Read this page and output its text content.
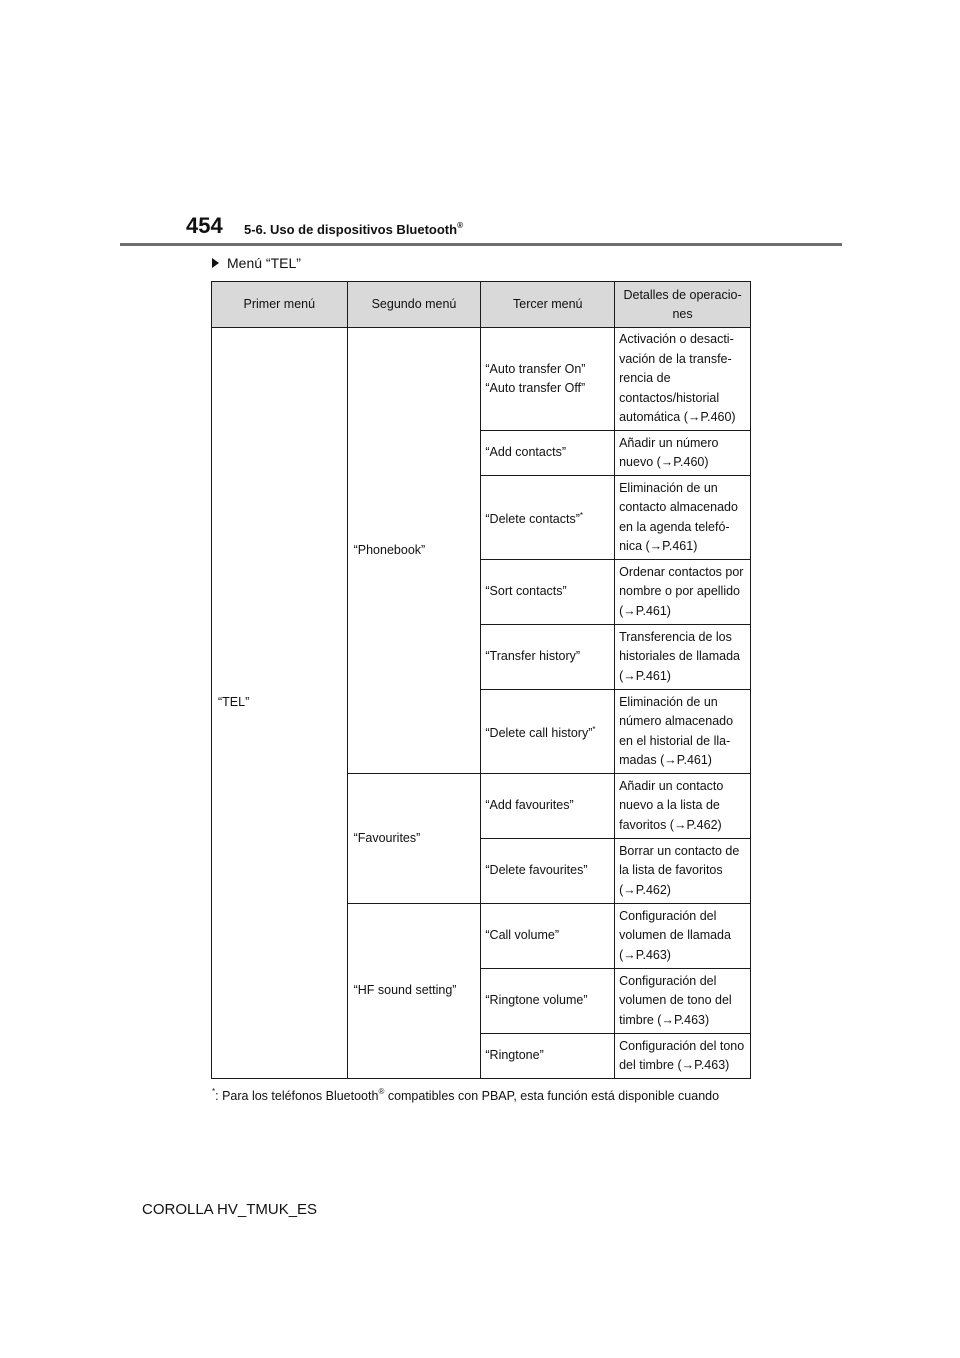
454 5-6. Uso de dispositivos Bluetooth®
Menú “TEL”
Primer menú	Segundo menú	Tercer menú	Detalles de operacio-nes
“TEL”	“Phonebook”	“Auto transfer On” “Auto transfer Off”	Activación o desacti-vación de la transfe-rencia de contactos/historial automática (→P.460)
		“Add contacts”	Añadir un número nuevo (→P.460)
		“Delete contacts”*	Eliminación de un contacto almacenado en la agenda telefó-nica (→P.461)
		“Sort contacts”	Ordenar contactos por nombre o por apellido (→P.461)
		“Transfer history”	Transferencia de los historiales de llamada (→P.461)
		“Delete call history”*	Eliminación de un número almacenado en el historial de lla-madas (→P.461)
	“Favourites”	“Add favourites”	Añadir un contacto nuevo a la lista de favoritos (→P.462)
		“Delete favourites”	Borrar un contacto de la lista de favoritos (→P.462)
	“HF sound setting”	“Call volume”	Configuración del volumen de llamada (→P.463)
		“Ringtone volume”	Configuración del volumen de tono del timbre (→P.463)
		“Ringtone”	Configuración del tono del timbre (→P.463)
*: Para los teléfonos Bluetooth® compatibles con PBAP, esta función está disponible cuando
COROLLA HV_TMUK_ES
